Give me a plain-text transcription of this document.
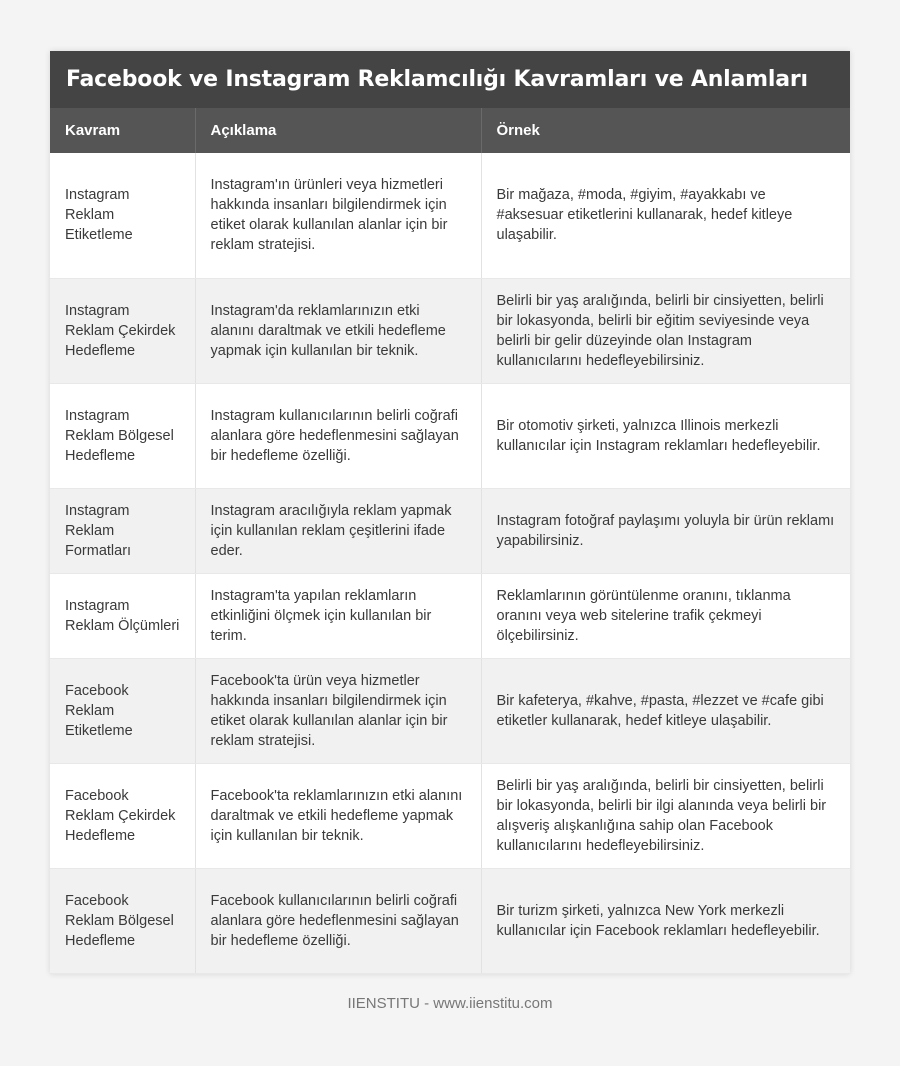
Facebook ve Instagram Reklamcılığı Kavramları ve Anlamları
Kavram	Açıklama	Örnek
Instagram Reklam Etiketleme	Instagram'ın ürünleri veya hizmetleri hakkında insanları bilgilendirmek için etiket olarak kullanılan alanlar için bir reklam stratejisi.	Bir mağaza, #moda, #giyim, #ayakkabı ve #aksesuar etiketlerini kullanarak, hedef kitleye ulaşabilir.
Instagram Reklam Çekirdek Hedefleme	Instagram'da reklamlarınızın etki alanını daraltmak ve etkili hedefleme yapmak için kullanılan bir teknik.	Belirli bir yaş aralığında, belirli bir cinsiyetten, belirli bir lokasyonda, belirli bir eğitim seviyesinde veya belirli bir gelir düzeyinde olan Instagram kullanıcılarını hedefleyebilirsiniz.
Instagram Reklam Bölgesel Hedefleme	Instagram kullanıcılarının belirli coğrafi alanlara göre hedeflenmesini sağlayan bir hedefleme özelliği.	Bir otomotiv şirketi, yalnızca Illinois merkezli kullanıcılar için Instagram reklamları hedefleyebilir.
Instagram Reklam Formatları	Instagram aracılığıyla reklam yapmak için kullanılan reklam çeşitlerini ifade eder.	Instagram fotoğraf paylaşımı yoluyla bir ürün reklamı yapabilirsiniz.
Instagram Reklam Ölçümleri	Instagram'ta yapılan reklamların etkinliğini ölçmek için kullanılan bir terim.	Reklamlarının görüntülenme oranını, tıklanma oranını veya web sitelerine trafik çekmeyi ölçebilirsiniz.
Facebook Reklam Etiketleme	Facebook'ta ürün veya hizmetler hakkında insanları bilgilendirmek için etiket olarak kullanılan alanlar için bir reklam stratejisi.	Bir kafeterya, #kahve, #pasta, #lezzet ve #cafe gibi etiketler kullanarak, hedef kitleye ulaşabilir.
Facebook Reklam Çekirdek Hedefleme	Facebook'ta reklamlarınızın etki alanını daraltmak ve etkili hedefleme yapmak için kullanılan bir teknik.	Belirli bir yaş aralığında, belirli bir cinsiyetten, belirli bir lokasyonda, belirli bir ilgi alanında veya belirli bir alışveriş alışkanlığına sahip olan Facebook kullanıcılarını hedefleyebilirsiniz.
Facebook Reklam Bölgesel Hedefleme	Facebook kullanıcılarının belirli coğrafi alanlara göre hedeflenmesini sağlayan bir hedefleme özelliği.	Bir turizm şirketi, yalnızca New York merkezli kullanıcılar için Facebook reklamları hedefleyebilir.
IIENSTITU - www.iienstitu.com
